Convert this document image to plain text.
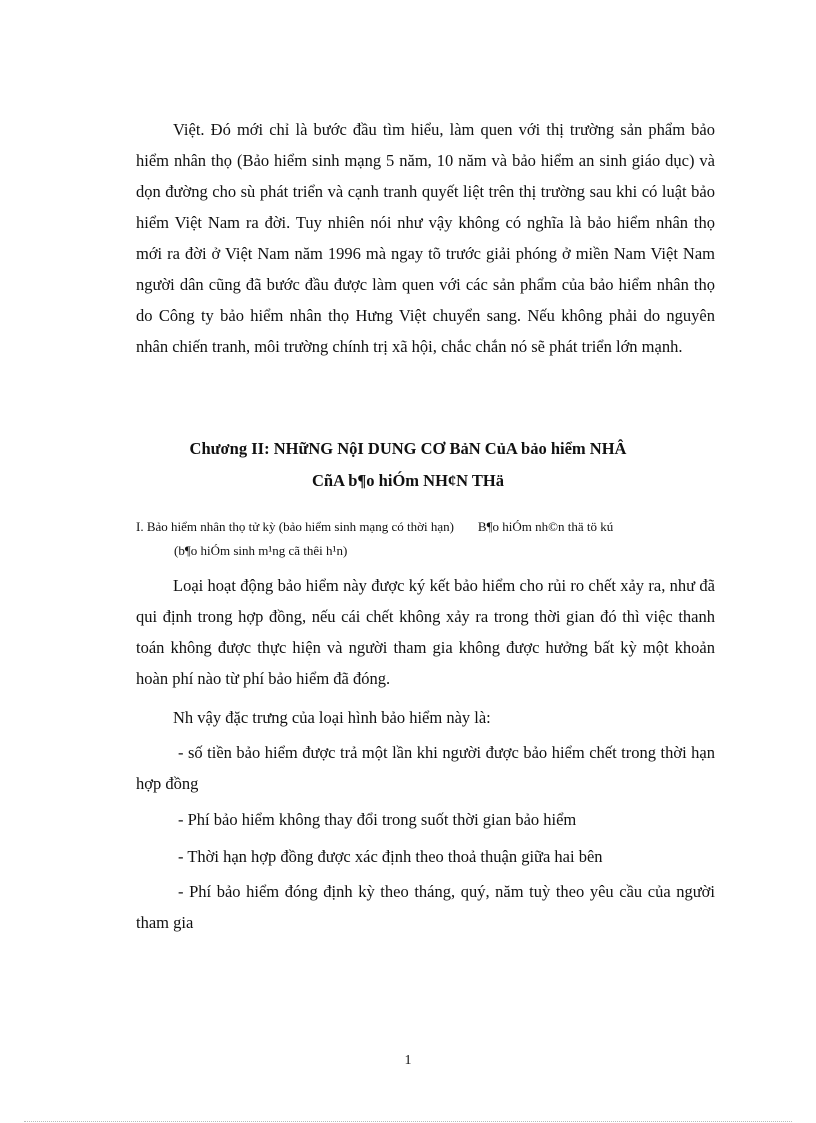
Việt. Đó mới chỉ là bước đầu tìm hiểu, làm quen với thị trường sản phẩm bảo hiểm nhân thọ (Bảo hiểm sinh mạng 5 năm, 10 năm và bảo hiểm an sinh giáo dục) và dọn đường cho sù phát triển và cạnh tranh quyết liệt trên thị trường sau khi có luật bảo hiểm Việt Nam ra đời. Tuy nhiên nói như vậy không có nghĩa là bảo hiểm nhân thọ mới ra đời ở Việt Nam năm 1996 mà ngay tõ trước giải phóng ở miền Nam Việt Nam người dân cũng đã bước đầu được làm quen với các sản phẩm của bảo hiểm nhân thọ do Công ty bảo hiểm nhân thọ Hưng Việt chuyển sang. Nếu không phải do nguyên nhân chiến tranh, môi trường chính trị xã hội, chắc chắn nó sẽ phát triển lớn mạnh.

Chương II: NHữNG NộI DUNG CƠ BảN CủA bảo hiểm NHÂ

CñA b¶o hiÓm NH¢N THä

I. Bảo hiểm nhân thọ tử kỳ (bảo hiểm sinh mạng có thời hạn) B¶o hiÓm nh©n thä tö kú
(b¶o hiÓm sinh m¹ng cã thêi h¹n)

Loại hoạt động bảo hiểm này được ký kết bảo hiểm cho rủi ro chết xảy ra, như đã qui định trong hợp đồng, nếu cái chết không xảy ra trong thời gian đó thì việc thanh toán không được thực hiện và người tham gia không được hưởng bất kỳ một khoản hoàn phí nào từ phí bảo hiểm đã đóng.

Nh vậy đặc trưng của loại hình bảo hiểm này là:

- số tiền bảo hiểm được trả một lần khi người được bảo hiểm chết trong thời hạn hợp đồng

- Phí bảo hiểm không thay đổi trong suốt thời gian bảo hiểm

- Thời hạn hợp đồng được xác định theo thoả thuận giữa hai bên

- Phí bảo hiểm đóng định kỳ theo tháng, quý, năm tuỳ theo yêu cầu của người tham gia

1
